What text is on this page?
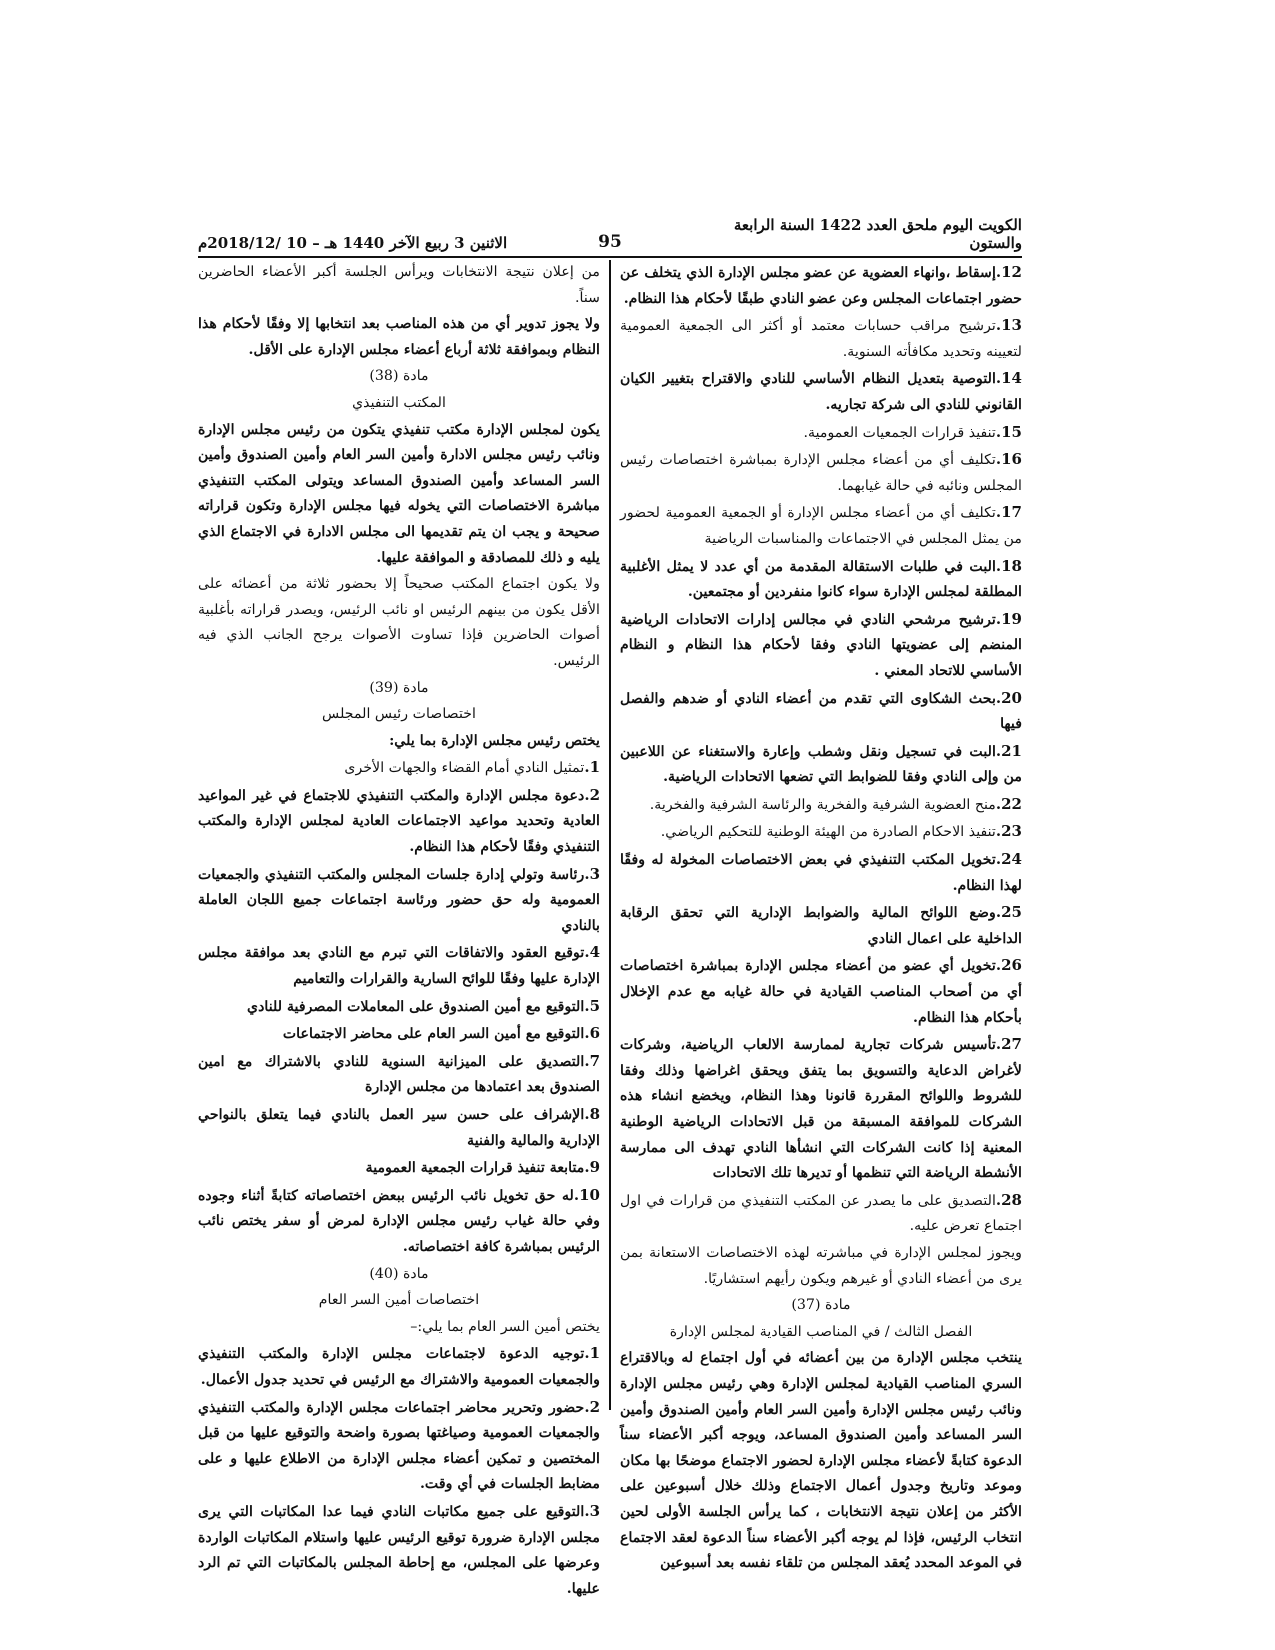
الاثنين 3 ربيع الآخر 1440 هـ – 10 /2018/12م	95
الكويت اليوم ملحق العدد 1422 السنة الرابعة والستون

12.إسقاط ،وانهاء العضوية عن عضو مجلس الإدارة الذي يتخلف عن حضور اجتماعات المجلس وعن عضو النادي طبقًا لأحكام هذا النظام.

13.ترشيح مراقب حسابات معتمد أو أكثر الى الجمعية العمومية لتعيينه وتحديد مكافأته السنوية.

14.التوصية بتعديل النظام الأساسي للنادي والاقتراح بتغيير الكيان القانوني للنادي الى شركة تجاريه.

15.تنفيذ قرارات الجمعيات العمومية.

16.تكليف أي من أعضاء مجلس الإدارة بمباشرة اختصاصات رئيس المجلس ونائبه في حالة غيابهما.

17.تكليف أي من أعضاء مجلس الإدارة أو الجمعية العمومية لحضور من يمثل المجلس في الاجتماعات والمناسبات الرياضية

18.البت في طلبات الاستقالة المقدمة من أي عدد لا يمثل الأغلبية المطلقة لمجلس الإدارة سواء كانوا منفردين أو مجتمعين.

19.ترشيح مرشحي النادي في مجالس إدارات الاتحادات الرياضية المنضم إلى عضويتها النادي وفقا لأحكام هذا النظام و النظام الأساسي للاتحاد المعني .

20.بحث الشكاوى التي تقدم من أعضاء النادي أو ضدهم والفصل فيها

21.البت في تسجيل ونقل وشطب وإعارة والاستغناء عن اللاعبين من وإلى النادي وفقا للضوابط التي تضعها الاتحادات الرياضية.

22.منح العضوية الشرفية والفخرية والرئاسة الشرفية والفخرية.

23.تنفيذ الاحكام الصادرة من الهيئة الوطنية للتحكيم الرياضي.

24.تخويل المكتب التنفيذي في بعض الاختصاصات المخولة له وفقًا لهذا النظام.

25.وضع اللوائح المالية والضوابط الإدارية التي تحقق الرقابة الداخلية على اعمال النادي

26.تخويل أي عضو من أعضاء مجلس الإدارة بمباشرة اختصاصات أي من أصحاب المناصب القيادية في حالة غيابه مع عدم الإخلال بأحكام هذا النظام.

27.تأسيس شركات تجارية لممارسة الالعاب الرياضية، وشركات لأغراض الدعاية والتسويق بما يتفق ويحقق اغراضها وذلك وفقا للشروط واللوائح المقررة قانونا وهذا النظام، ويخضع انشاء هذه الشركات للموافقة المسبقة من قبل الاتحادات الرياضية الوطنية المعنية إذا كانت الشركات التي انشأها النادي تهدف الى ممارسة الأنشطة الرياضة التي تنظمها أو تديرها تلك الاتحادات

28.التصديق على ما يصدر عن المكتب التنفيذي من قرارات في اول اجتماع تعرض عليه.

ويجوز لمجلس الإدارة في مباشرته لهذه الاختصاصات الاستعانة بمن يرى من أعضاء النادي أو غيرهم ويكون رأيهم استشاريًا.

مادة (37)

الفصل الثالث / في المناصب القيادية لمجلس الإدارة

ينتخب مجلس الإدارة من بين أعضائه في أول اجتماع له وبالاقتراع السري المناصب القيادية لمجلس الإدارة وهي رئيس مجلس الإدارة ونائب رئيس مجلس الإدارة وأمين السر العام وأمين الصندوق وأمين السر المساعد وأمين الصندوق المساعد، ويوجه أكبر الأعضاء سناً الدعوة كتابةً لأعضاء مجلس الإدارة لحضور الاجتماع موضحًا بها مكان وموعد وتاريخ وجدول أعمال الاجتماع وذلك خلال أسبوعين على الأكثر من إعلان نتيجة الانتخابات ، كما يرأس الجلسة الأولى لحين انتخاب الرئيس، فإذا لم يوجه أكبر الأعضاء سناً الدعوة لعقد الاجتماع في الموعد المحدد يُعقد المجلس من تلقاء نفسه بعد أسبوعين

من إعلان نتيجة الانتخابات ويرأس الجلسة أكبر الأعضاء الحاضرين سناً.

ولا يجوز تدوير أي من هذه المناصب بعد انتخابها إلا وفقًا لأحكام هذا النظام وبموافقة ثلاثة أرباع أعضاء مجلس الإدارة على الأقل.

مادة (38)

المكتب التنفيذي

يكون لمجلس الإدارة مكتب تنفيذي يتكون من رئيس مجلس الإدارة ونائب رئيس مجلس الادارة وأمين السر العام وأمين الصندوق وأمين السر المساعد وأمين الصندوق المساعد ويتولى المكتب التنفيذي مباشرة الاختصاصات التي يخوله فيها مجلس الإدارة وتكون قراراته صحيحة و يجب ان يتم تقديمها الى مجلس الادارة في الاجتماع الذي يليه و ذلك للمصادقة و الموافقة عليها.

ولا يكون اجتماع المكتب صحيحاً إلا بحضور ثلاثة من أعضائه على الأقل يكون من بينهم الرئيس او نائب الرئيس، ويصدر قراراته بأغلبية أصوات الحاضرين فإذا تساوت الأصوات يرجح الجانب الذي فيه الرئيس.

مادة (39)

اختصاصات رئيس المجلس

يختص رئيس مجلس الإدارة بما يلي:

1.تمثيل النادي أمام القضاء والجهات الأخرى

2.دعوة مجلس الإدارة والمكتب التنفيذي للاجتماع في غير المواعيد العادية وتحديد مواعيد الاجتماعات العادية لمجلس الإدارة والمكتب التنفيذي وفقًا لأحكام هذا النظام.

3.رئاسة وتولي إدارة جلسات المجلس والمكتب التنفيذي والجمعيات العمومية وله حق حضور ورئاسة اجتماعات جميع اللجان العاملة بالنادي

4.توقيع العقود والاتفاقات التي تبرم مع النادي بعد موافقة مجلس الإدارة عليها وفقًا للوائح السارية والقرارات والتعاميم

5.التوقيع مع أمين الصندوق على المعاملات المصرفية للنادي

6.التوقيع مع أمين السر العام على محاضر الاجتماعات

7.التصديق على الميزانية السنوية للنادي بالاشتراك مع امين الصندوق بعد اعتمادها من مجلس الإدارة

8.الإشراف على حسن سير العمل بالنادي فيما يتعلق بالنواحي الإدارية والمالية والفنية

9.متابعة تنفيذ قرارات الجمعية العمومية

10.له حق تخويل نائب الرئيس ببعض اختصاصاته كتابةً أثناء وجوده وفي حالة غياب رئيس مجلس الإدارة لمرض أو سفر يختص نائب الرئيس بمباشرة كافة اختصاصاته.

مادة (40)

اختصاصات أمين السر العام

يختص أمين السر العام بما يلي:–

1.توجيه الدعوة لاجتماعات مجلس الإدارة والمكتب التنفيذي والجمعيات العمومية والاشتراك مع الرئيس في تحديد جدول الأعمال.

2.حضور وتحرير محاضر اجتماعات مجلس الإدارة والمكتب التنفيذي والجمعيات العمومية وصياغتها بصورة واضحة والتوقيع عليها من قبل المختصين و تمكين أعضاء مجلس الإدارة من الاطلاع عليها و على مضابط الجلسات في أي وقت.

3.التوقيع على جميع مكاتبات النادي فيما عدا المكاتبات التي يرى مجلس الإدارة ضرورة توقيع الرئيس عليها واستلام المكاتبات الواردة وعرضها على المجلس، مع إحاطة المجلس بالمكاتبات التي تم الرد عليها.
